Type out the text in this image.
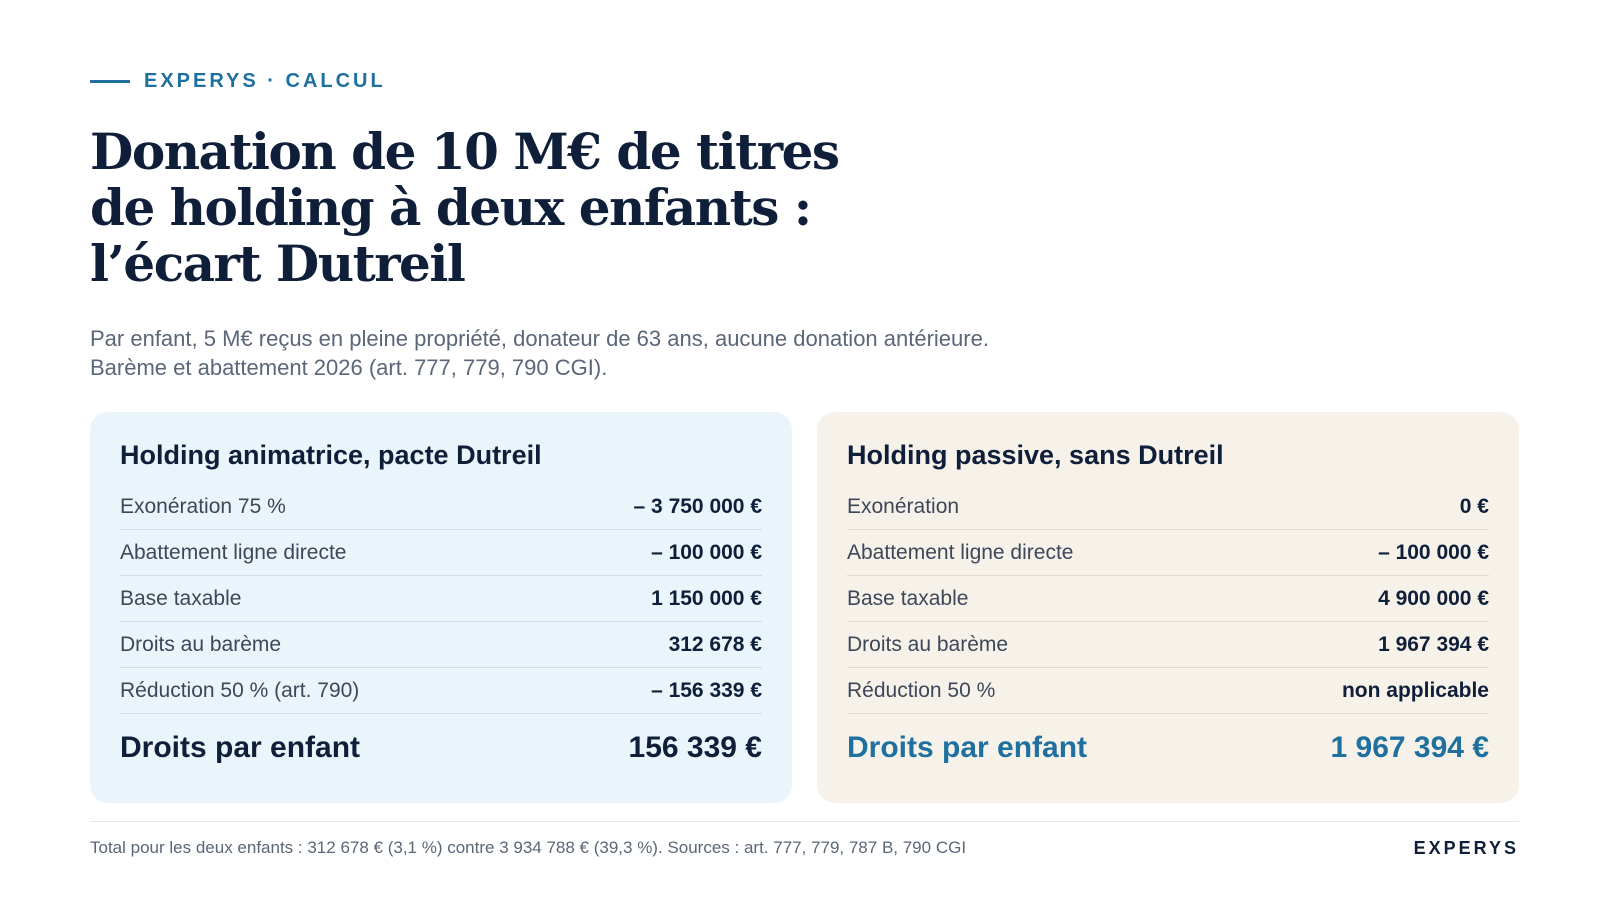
EXPERYS · CALCUL
Donation de 10 M€ de titres de holding à deux enfants : l’écart Dutreil
Par enfant, 5 M€ reçus en pleine propriété, donateur de 63 ans, aucune donation antérieure.
Barème et abattement 2026 (art. 777, 779, 790 CGI).
Holding animatrice, pacte Dutreil
Exonération 75 %	– 3 750 000 €
Abattement ligne directe	– 100 000 €
Base taxable	1 150 000 €
Droits au barème	312 678 €
Réduction 50 % (art. 790)	– 156 339 €
Droits par enfant	156 339 €
Holding passive, sans Dutreil
Exonération	0 €
Abattement ligne directe	– 100 000 €
Base taxable	4 900 000 €
Droits au barème	1 967 394 €
Réduction 50 %	non applicable
Droits par enfant	1 967 394 €
Total pour les deux enfants : 312 678 € (3,1 %) contre 3 934 788 € (39,3 %). Sources : art. 777, 779, 787 B, 790 CGI	EXPERYS
